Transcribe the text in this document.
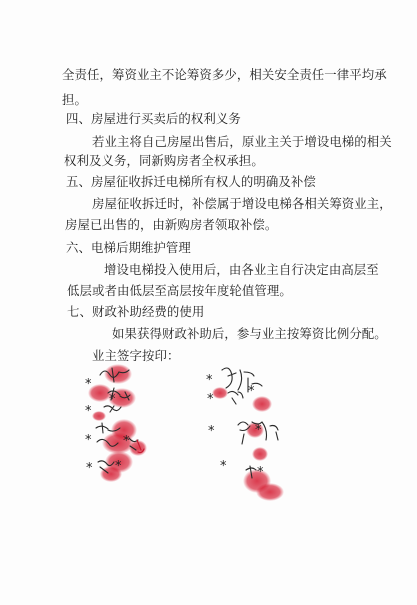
全责任，筹资业主不论筹资多少，相关安全责任一律平均承
担。
四、房屋进行买卖后的权利义务
若业主将自己房屋出售后，原业主关于增设电梯的相关
权利及义务，同新购房者全权承担。
五、房屋征收拆迁电梯所有权人的明确及补偿
房屋征收拆迁时，补偿属于增设电梯各相关筹资业主，
房屋已出售的，由新购房者领取补偿。
六、电梯后期维护管理
增设电梯投入使用后，由各业主自行决定由高层至
低层或者由低层至高层按年度轮值管理。
七、财政补助经费的使用
如果获得财政补助后，参与业主按筹资比例分配。
业主签字按印：
*
*
*
* *
* *
*
*
*
*	*
* *
